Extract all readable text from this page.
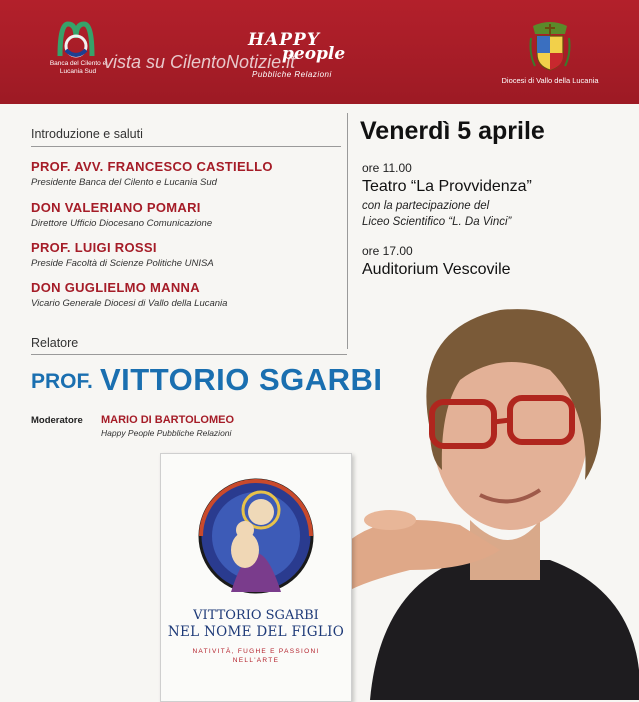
Banca del Cilento e Lucania Sud vista su CilentoNotizie.it
HAPPY
people
Pubbliche Relazioni
Diocesi di Vallo della Lucania
Introduzione e saluti
PROF. AVV. FRANCESCO CASTIELLO
Presidente Banca del Cilento e Lucania Sud
DON VALERIANO POMARI
Direttore Ufficio Diocesano Comunicazione
PROF. LUIGI ROSSI
Preside Facoltà di Scienze Politiche UNISA
DON GUGLIELMO MANNA
Vicario Generale Diocesi di Vallo della Lucania
Venerdì 5 aprile
ore 11.00
Teatro “La Provvidenza”
con la partecipazione del
Liceo Scientifico “L. Da Vinci”
ore 17.00
Auditorium Vescovile
Relatore
PROF. VITTORIO SGARBI
Moderatore MARIO DI BARTOLOMEO
Happy People Pubbliche Relazioni
VITTORIO SGARBI
NEL NOME DEL FIGLIO
NATIVITÀ, FUGHE E PASSIONI NELL'ARTE
